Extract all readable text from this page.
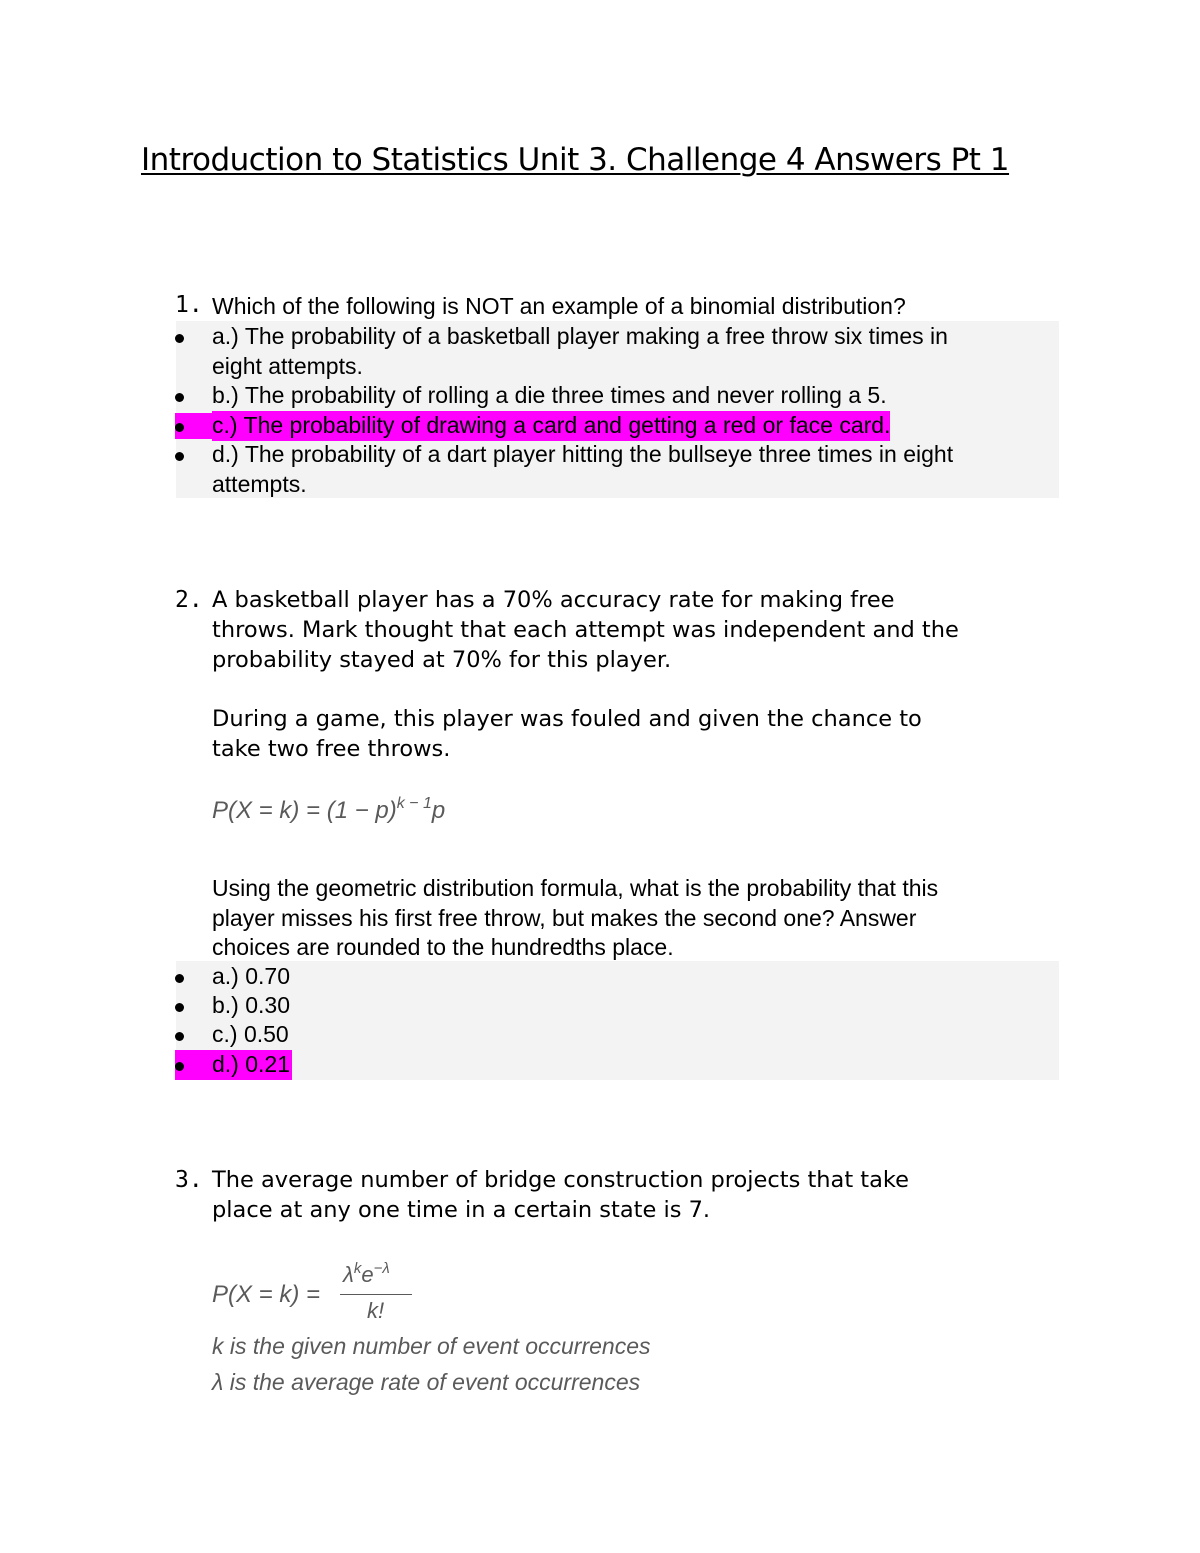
Introduction to Statistics Unit 3. Challenge 4 Answers Pt 1
1. Which of the following is NOT an example of a binomial distribution?
a.) The probability of a basketball player making a free throw six times in
eight attempts.
b.) The probability of rolling a die three times and never rolling a 5.
c.) The probability of drawing a card and getting a red or face card.
d.) The probability of a dart player hitting the bullseye three times in eight
attempts.
2. A basketball player has a 70% accuracy rate for making free
throws. Mark thought that each attempt was independent and the
probability stayed at 70% for this player.
During a game, this player was fouled and given the chance to
take two free throws.
$P(X = k) = (1 - p)^{k - 1}p$
Using the geometric distribution formula, what is the probability that this
player misses his first free throw, but makes the second one? Answer
choices are rounded to the hundredths place.
a.) 0.70
b.) 0.30
c.) 0.50
d.) 0.21
3. The average number of bridge construction projects that take
place at any one time in a certain state is 7.
P(X = k) =
$\lambda^ke^{-\lambda}$
k!
k is the given number of event occurrences
λ is the average rate of event occurrences
